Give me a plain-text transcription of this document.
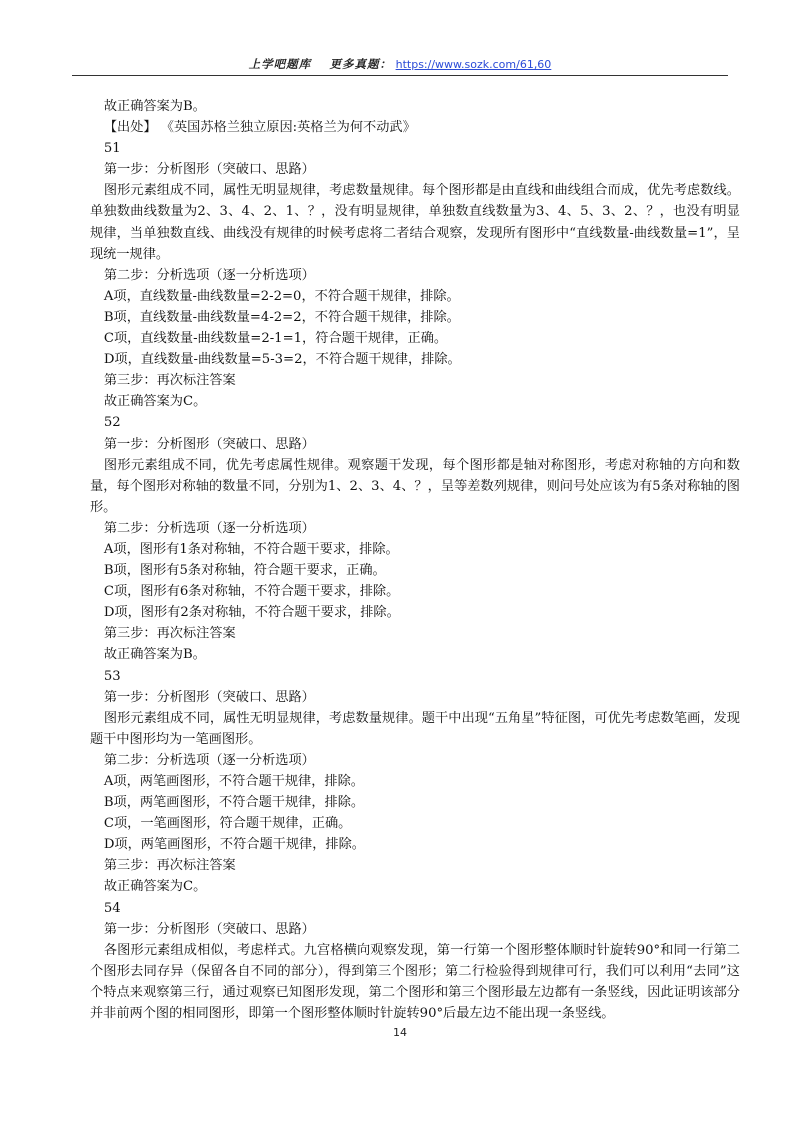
上学吧题库 更多真题： https://www.sozk.com/61,60

故正确答案为B。

【出处】 《英国苏格兰独立原因:英格兰为何不动武》

51

第一步：分析图形（突破口、思路）

图形元素组成不同，属性无明显规律，考虑数量规律。每个图形都是由直线和曲线组合而成，优先考虑数线。单独数曲线数量为2、3、4、2、1、？，没有明显规律，单独数直线数量为3、4、5、3、2、？，也没有明显规律，当单独数直线、曲线没有规律的时候考虑将二者结合观察，发现所有图形中“直线数量-曲线数量=1”，呈现统一规律。

第二步：分析选项（逐一分析选项）

A项，直线数量-曲线数量=2-2=0，不符合题干规律，排除。

B项，直线数量-曲线数量=4-2=2，不符合题干规律，排除。

C项，直线数量-曲线数量=2-1=1，符合题干规律，正确。

D项，直线数量-曲线数量=5-3=2，不符合题干规律，排除。

第三步：再次标注答案

故正确答案为C。

52

第一步：分析图形（突破口、思路）

图形元素组成不同，优先考虑属性规律。观察题干发现，每个图形都是轴对称图形，考虑对称轴的方向和数量，每个图形对称轴的数量不同，分别为1、2、3、4、？，呈等差数列规律，则问号处应该为有5条对称轴的图形。

第二步：分析选项（逐一分析选项）

A项，图形有1条对称轴，不符合题干要求，排除。

B项，图形有5条对称轴，符合题干要求，正确。

C项，图形有6条对称轴，不符合题干要求，排除。

D项，图形有2条对称轴，不符合题干要求，排除。

第三步：再次标注答案

故正确答案为B。

53

第一步：分析图形（突破口、思路）

图形元素组成不同，属性无明显规律，考虑数量规律。题干中出现“五角星”特征图，可优先考虑数笔画，发现题干中图形均为一笔画图形。

第二步：分析选项（逐一分析选项）

A项，两笔画图形，不符合题干规律，排除。

B项，两笔画图形，不符合题干规律，排除。

C项，一笔画图形，符合题干规律，正确。

D项，两笔画图形，不符合题干规律，排除。

第三步：再次标注答案

故正确答案为C。

54

第一步：分析图形（突破口、思路）

各图形元素组成相似，考虑样式。九宫格横向观察发现，第一行第一个图形整体顺时针旋转90°和同一行第二个图形去同存异（保留各自不同的部分），得到第三个图形；第二行检验得到规律可行，我们可以利用“去同”这个特点来观察第三行，通过观察已知图形发现，第二个图形和第三个图形最左边都有一条竖线，因此证明该部分并非前两个图的相同图形，即第一个图形整体顺时针旋转90°后最左边不能出现一条竖线。

14
